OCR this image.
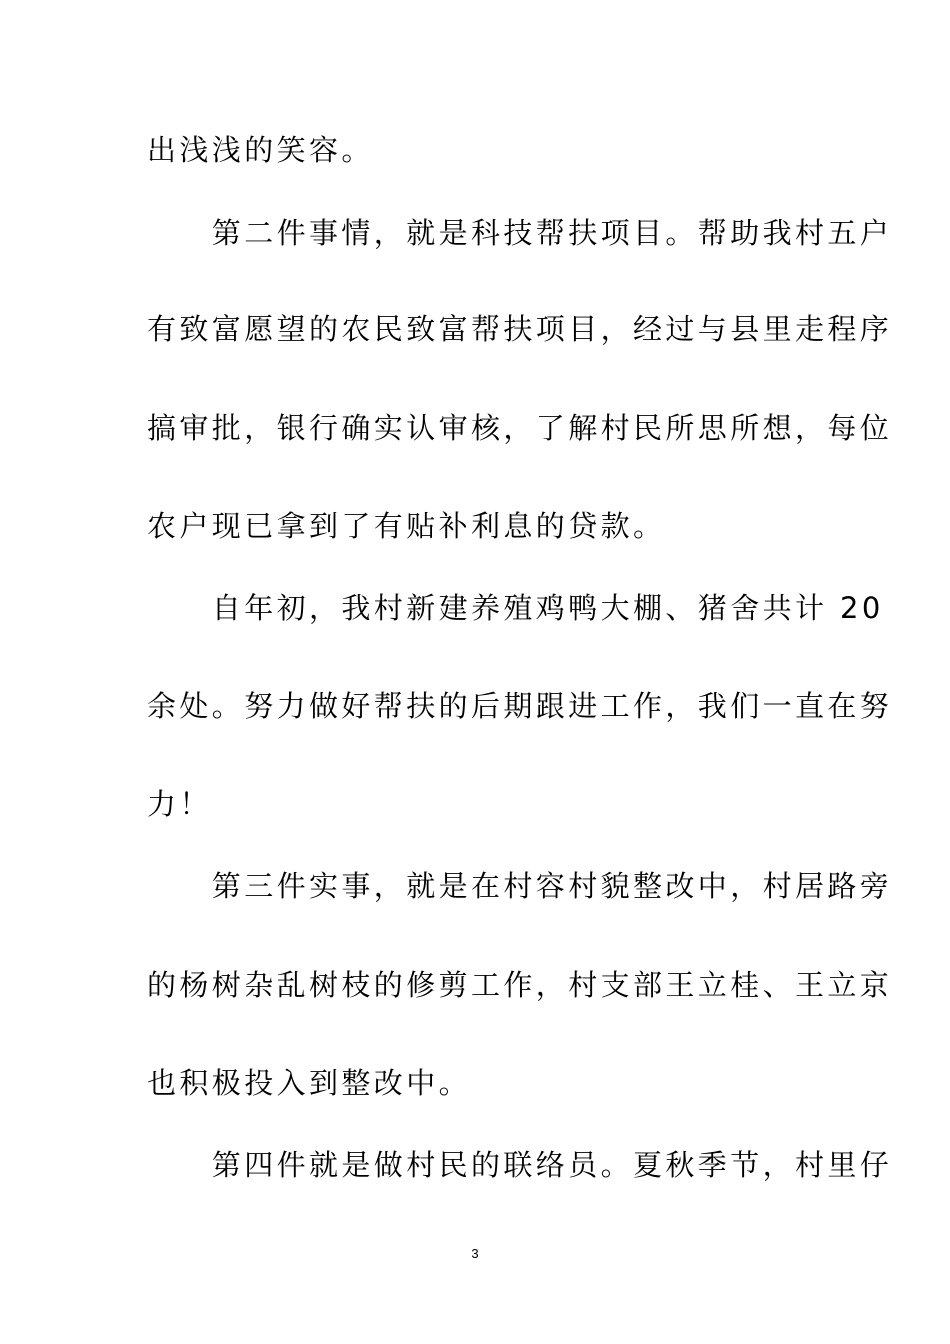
出浅浅的笑容。
　　第二件事情，就是科技帮扶项目。帮助我村五户
有致富愿望的农民致富帮扶项目，经过与县里走程序
搞审批，银行确实认审核，了解村民所思所想，每位
农户现已拿到了有贴补利息的贷款。
　　自年初，我村新建养殖鸡鸭大棚、猪舍共计 20
余处。努力做好帮扶的后期跟进工作，我们一直在努
力！
　　第三件实事，就是在村容村貌整改中，村居路旁
的杨树杂乱树枝的修剪工作，村支部王立桂、王立京
也积极投入到整改中。
　　第四件就是做村民的联络员。夏秋季节，村里仔
3
